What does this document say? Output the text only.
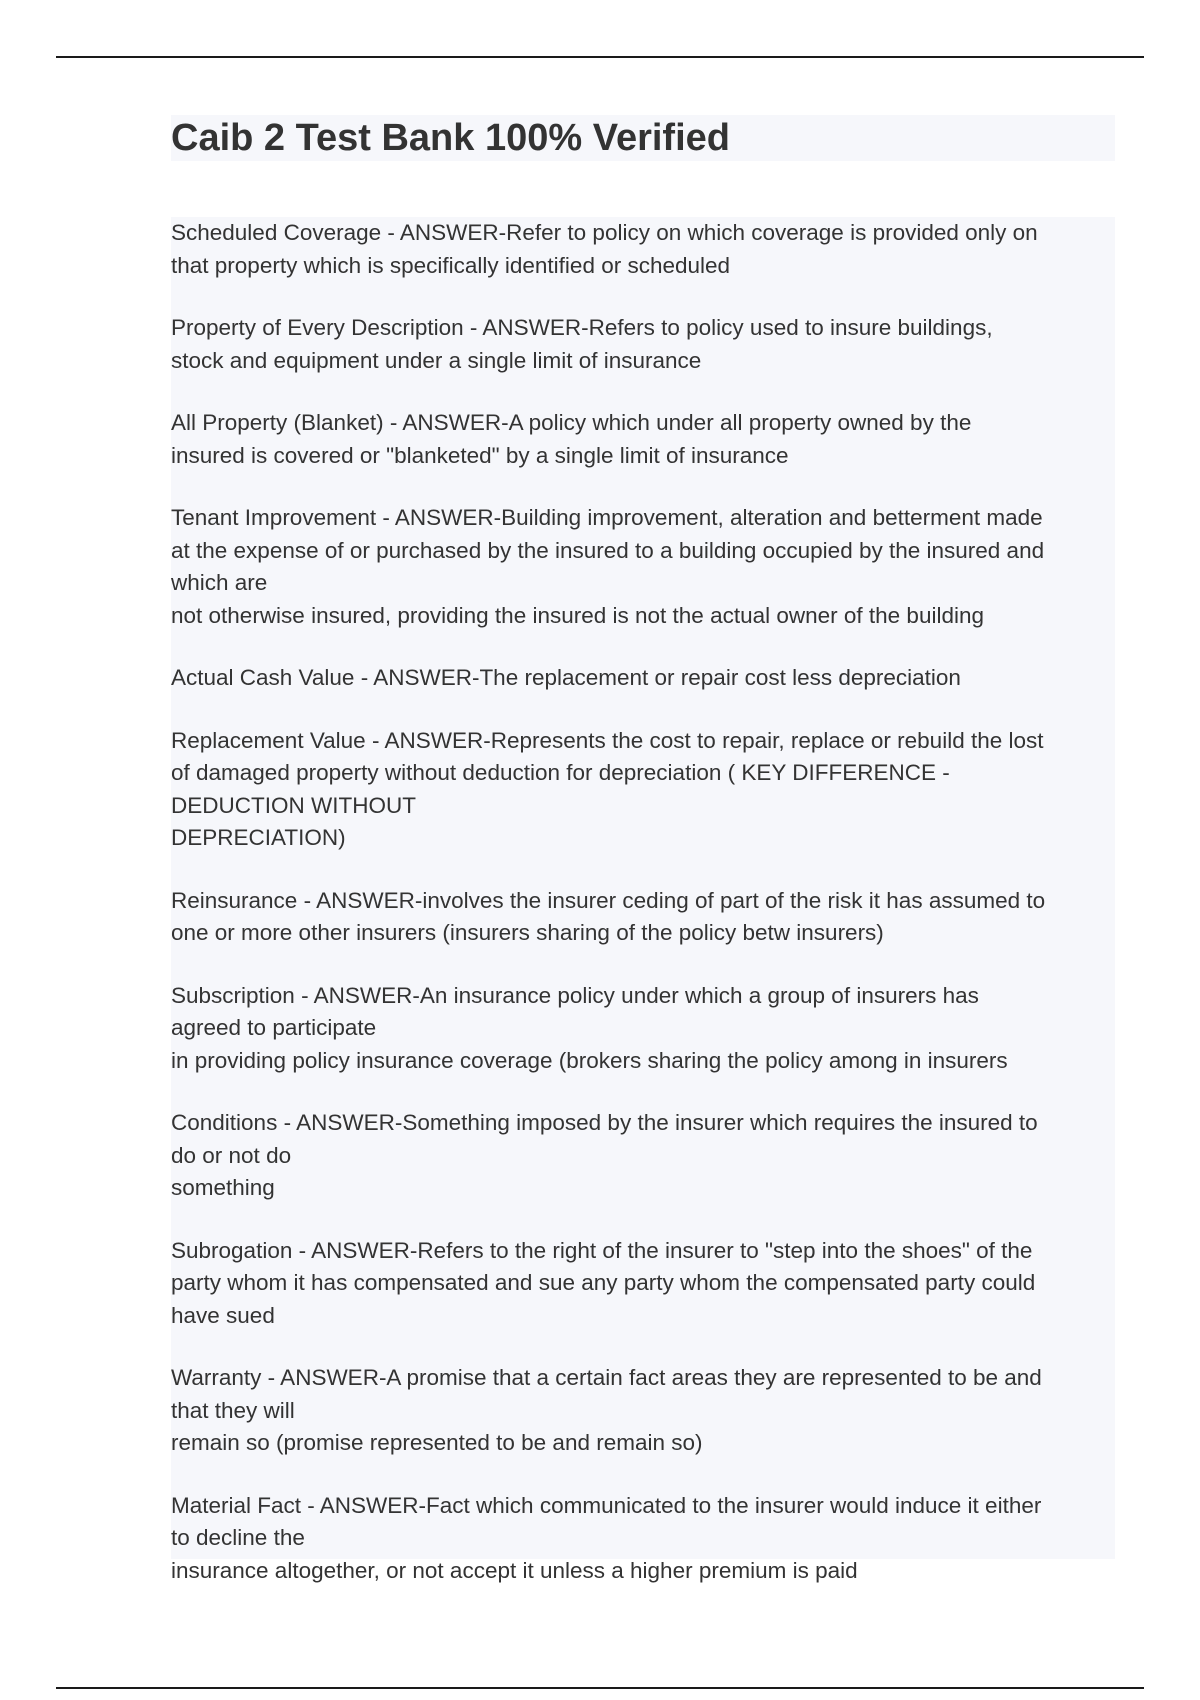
Caib 2 Test Bank 100% Verified

Scheduled Coverage - ANSWER-Refer to policy on which coverage is provided only on
that property which is specifically identified or scheduled

Property of Every Description - ANSWER-Refers to policy used to insure buildings,
stock and equipment under a single limit of insurance

All Property (Blanket) - ANSWER-A policy which under all property owned by the
insured is covered or "blanketed" by a single limit of insurance

Tenant Improvement - ANSWER-Building improvement, alteration and betterment made
at the expense of or purchased by the insured to a building occupied by the insured and
which are
not otherwise insured, providing the insured is not the actual owner of the building

Actual Cash Value - ANSWER-The replacement or repair cost less depreciation

Replacement Value - ANSWER-Represents the cost to repair, replace or rebuild the lost
of damaged property without deduction for depreciation ( KEY DIFFERENCE -
DEDUCTION WITHOUT
DEPRECIATION)

Reinsurance - ANSWER-involves the insurer ceding of part of the risk it has assumed to
one or more other insurers (insurers sharing of the policy betw insurers)

Subscription - ANSWER-An insurance policy under which a group of insurers has
agreed to participate
in providing policy insurance coverage (brokers sharing the policy among in insurers

Conditions - ANSWER-Something imposed by the insurer which requires the insured to
do or not do
something

Subrogation - ANSWER-Refers to the right of the insurer to "step into the shoes" of the
party whom it has compensated and sue any party whom the compensated party could
have sued

Warranty - ANSWER-A promise that a certain fact areas they are represented to be and
that they will
remain so (promise represented to be and remain so)

Material Fact - ANSWER-Fact which communicated to the insurer would induce it either
to decline the
insurance altogether, or not accept it unless a higher premium is paid
